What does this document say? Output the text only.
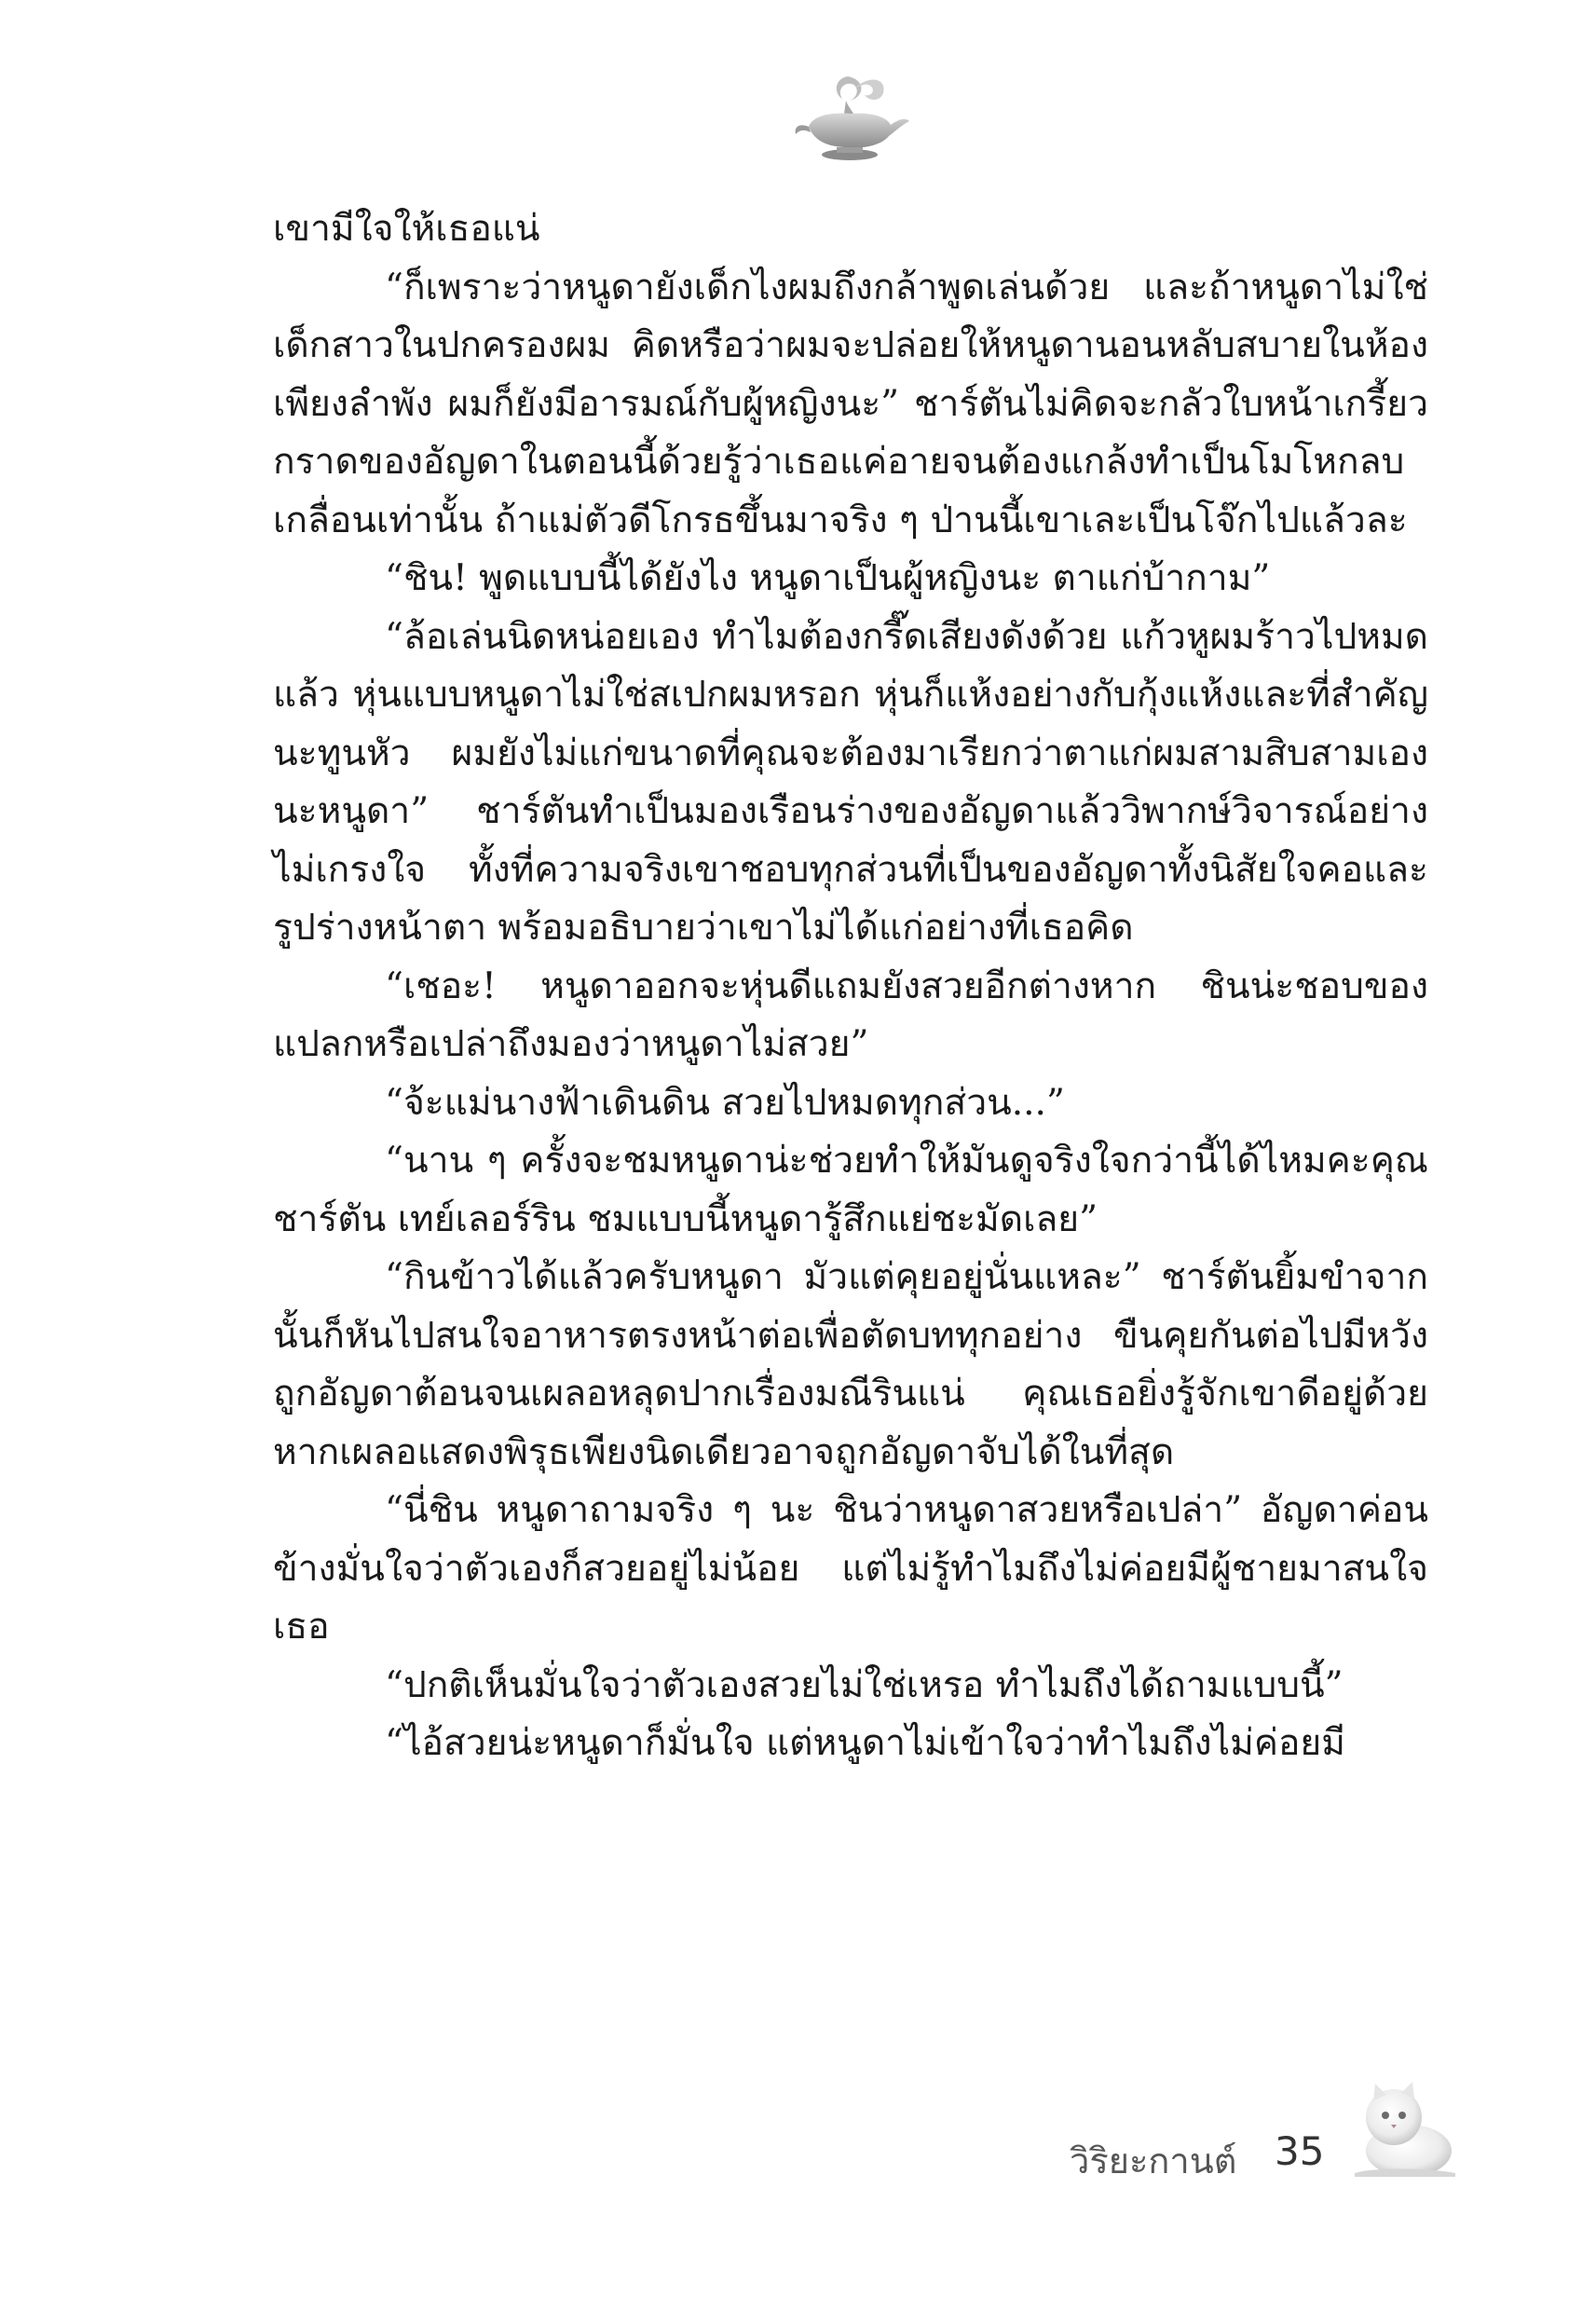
เขามีใจให้เธอแน่

“ก็เพราะว่าหนูดายังเด็กไงผมถึงกล้าพูดเล่นด้วย และถ้าหนูดาไม่ใช่เด็กสาวในปกครองผม คิดหรือว่าผมจะปล่อยให้หนูดานอนหลับสบายในห้องเพียงลำพัง ผมก็ยังมีอารมณ์กับผู้หญิงนะ” ชาร์ตันไม่คิดจะกลัวใบหน้าเกรี้ยวกราดของอัญดาในตอนนี้ด้วยรู้ว่าเธอแค่อายจนต้องแกล้งทำเป็นโมโหกลบเกลื่อนเท่านั้น ถ้าแม่ตัวดีโกรธขึ้นมาจริง ๆ ป่านนี้เขาเละเป็นโจ๊กไปแล้วละ

“ชิน! พูดแบบนี้ได้ยังไง หนูดาเป็นผู้หญิงนะ ตาแก่บ้ากาม”

“ล้อเล่นนิดหน่อยเอง ทำไมต้องกรี๊ดเสียงดังด้วย แก้วหูผมร้าวไปหมดแล้ว หุ่นแบบหนูดาไม่ใช่สเปกผมหรอก หุ่นก็แห้งอย่างกับกุ้งแห้งและที่สำคัญนะทูนหัว ผมยังไม่แก่ขนาดที่คุณจะต้องมาเรียกว่าตาแก่ผมสามสิบสามเองนะหนูดา” ชาร์ตันทำเป็นมองเรือนร่างของอัญดาแล้ววิพากษ์วิจารณ์อย่างไม่เกรงใจ ทั้งที่ความจริงเขาชอบทุกส่วนที่เป็นของอัญดาทั้งนิสัยใจคอและรูปร่างหน้าตา พร้อมอธิบายว่าเขาไม่ได้แก่อย่างที่เธอคิด

“เชอะ! หนูดาออกจะหุ่นดีแถมยังสวยอีกต่างหาก ชินน่ะชอบของแปลกหรือเปล่าถึงมองว่าหนูดาไม่สวย”

“จ้ะแม่นางฟ้าเดินดิน สวยไปหมดทุกส่วน...”

“นาน ๆ ครั้งจะชมหนูดาน่ะช่วยทำให้มันดูจริงใจกว่านี้ได้ไหมคะคุณชาร์ตัน เทย์เลอร์ริน ชมแบบนี้หนูดารู้สึกแย่ชะมัดเลย”

“กินข้าวได้แล้วครับหนูดา มัวแต่คุยอยู่นั่นแหละ” ชาร์ตันยิ้มขำจากนั้นก็หันไปสนใจอาหารตรงหน้าต่อเพื่อตัดบททุกอย่าง ขืนคุยกันต่อไปมีหวังถูกอัญดาต้อนจนเผลอหลุดปากเรื่องมณีรินแน่ คุณเธอยิ่งรู้จักเขาดีอยู่ด้วย หากเผลอแสดงพิรุธเพียงนิดเดียวอาจถูกอัญดาจับได้ในที่สุด

“นี่ชิน หนูดาถามจริง ๆ นะ ชินว่าหนูดาสวยหรือเปล่า” อัญดาค่อนข้างมั่นใจว่าตัวเองก็สวยอยู่ไม่น้อย แต่ไม่รู้ทำไมถึงไม่ค่อยมีผู้ชายมาสนใจเธอ

“ปกติเห็นมั่นใจว่าตัวเองสวยไม่ใช่เหรอ ทำไมถึงได้ถามแบบนี้”

“ไอ้สวยน่ะหนูดาก็มั่นใจ แต่หนูดาไม่เข้าใจว่าทำไมถึงไม่ค่อยมี

วิริยะกานต์ 35
